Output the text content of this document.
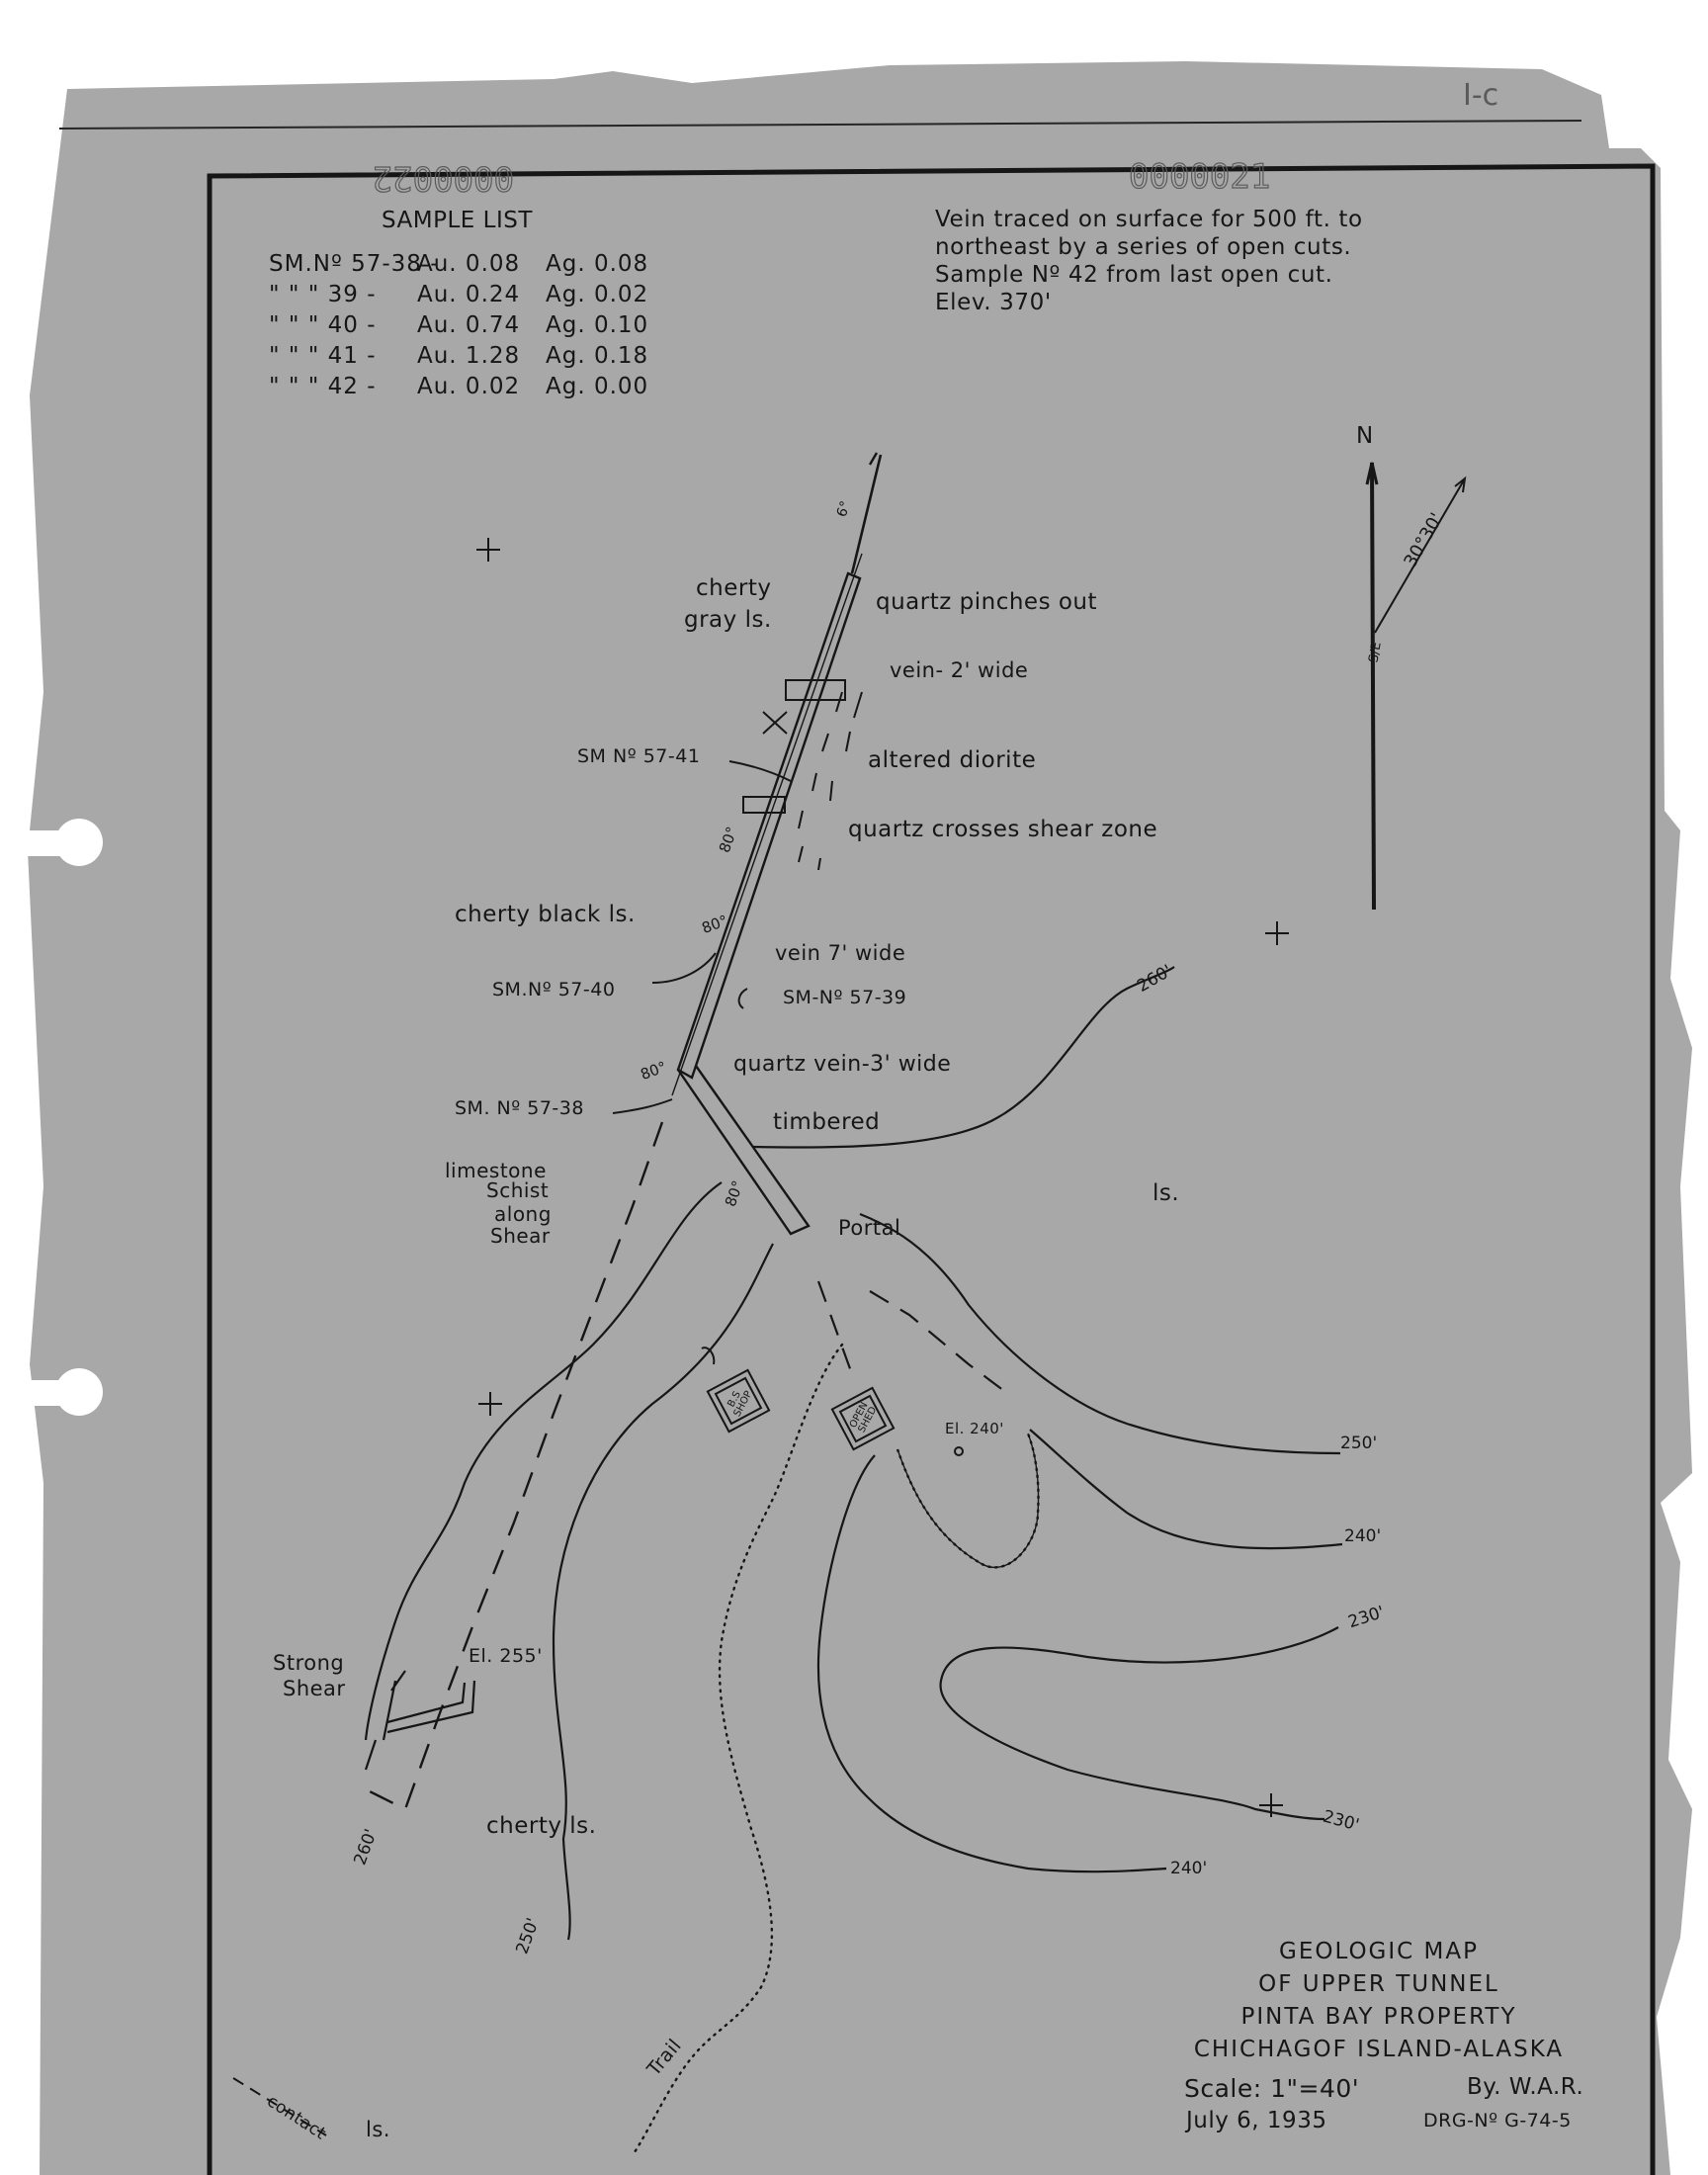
0000022	0000021
I-c
N
30°30'
S/E
SAMPLE LIST
SM.Nº 57-38 -Au. 0.08 Ag. 0.08
" " " 39 - Au. 0.24 Ag. 0.02
" " " 40 - Au. 0.74 Ag. 0.10
" " " 41 - Au. 1.28 Ag. 0.18
" " " 42 - Au. 0.02 Ag. 0.00
Vein traced on surface for 500 ft. to
northeast by a series of open cuts.
Sample Nº 42 from last open cut.
Elev. 370'
cherty
gray ls.
quartz pinches out
vein- 2' wide
SM Nº 57-41	altered diorite
quartz crosses shear zone
cherty black ls.
vein 7' wide
SM.Nº 57-40	SM-Nº 57-39
quartz vein-3' wide
SM. Nº 57-38
timbered
limestone
Schist
along
Shear
ls.
Portal
B.S SHOP	OPEN SHED	El. 240'
El. 255'
Strong
Shear
cherty ls.
Trail
contact ls.
6°
80°
80°
80°
80°
260'
250'
240'
230'
230'
240'
260'
250'	GEOLOGIC MAP
OF UPPER TUNNEL
PINTA BAY PROPERTY
CHICHAGOF ISLAND-ALASKA
Scale: 1"=40'
July 6, 1935
By. W.A.R.
DRG-Nº G-74-5
